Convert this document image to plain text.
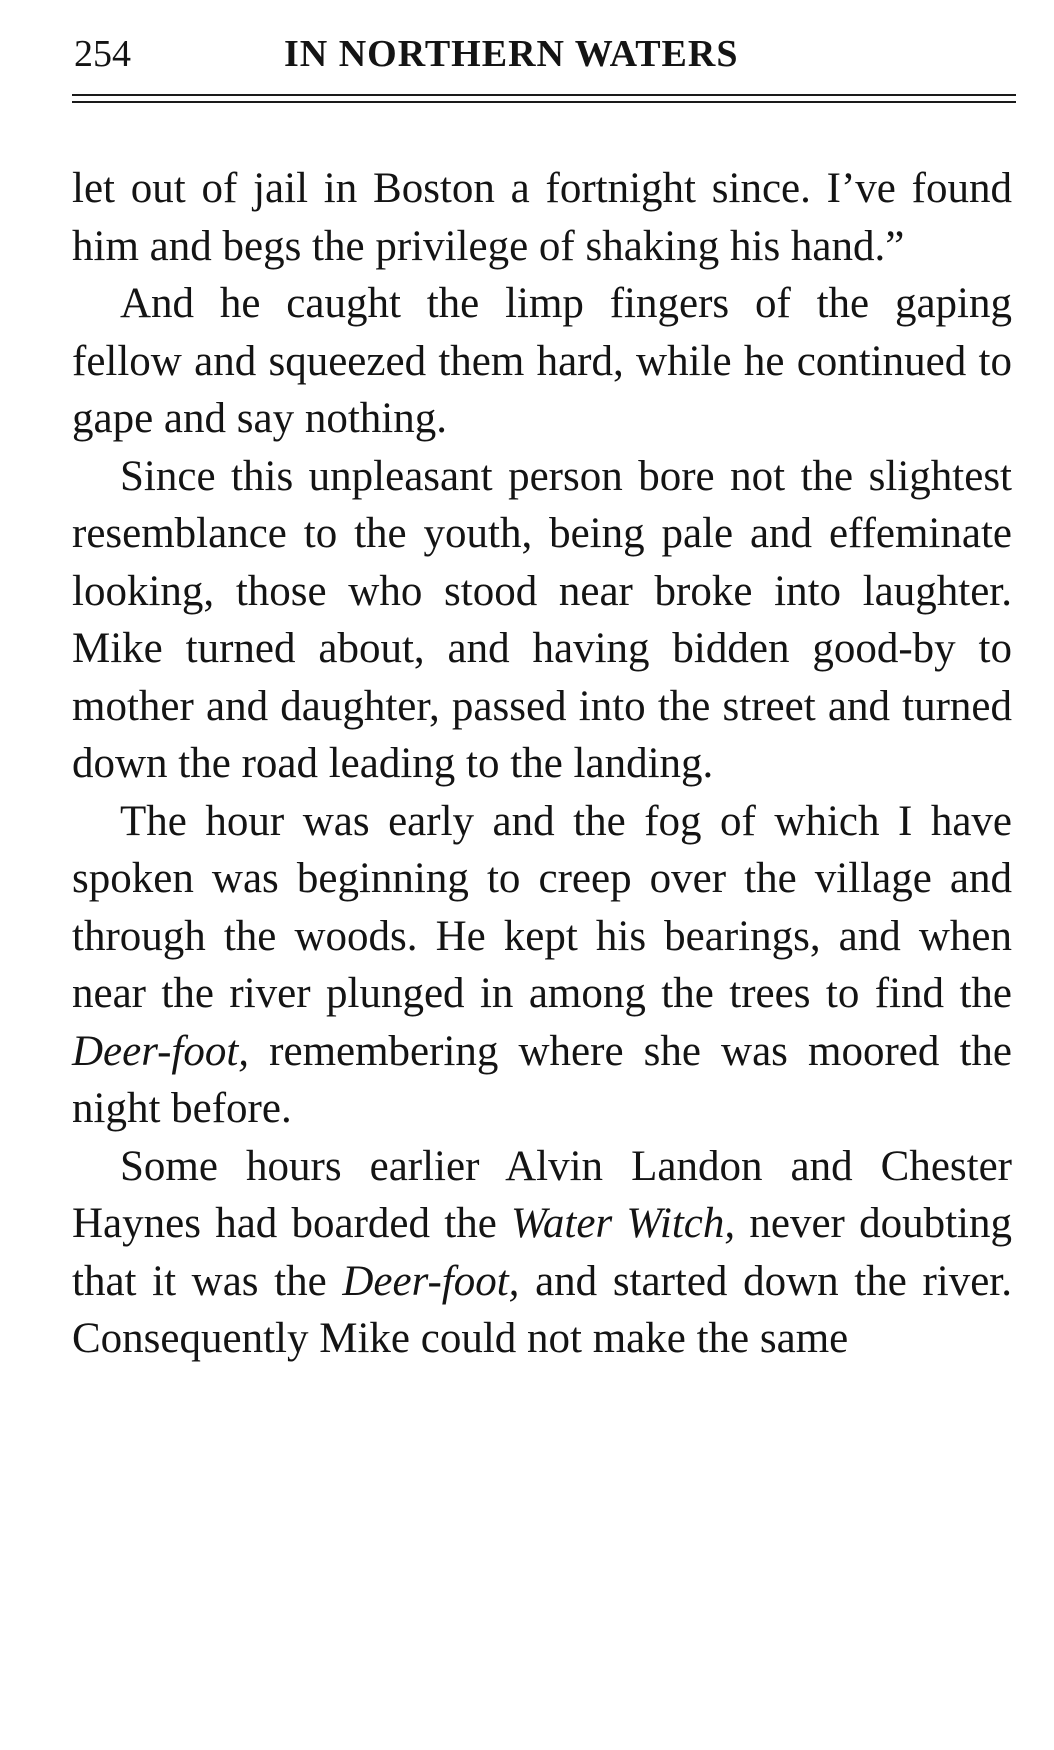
254	IN NORTHERN WATERS

let out of jail in Boston a fortnight since. I’ve found him and begs the privilege of shaking his hand.”

And he caught the limp fingers of the gaping fellow and squeezed them hard, while he continued to gape and say nothing.

Since this unpleasant person bore not the slightest resemblance to the youth, being pale and effeminate looking, those who stood near broke into laughter. Mike turned about, and having bidden good-by to mother and daughter, passed into the street and turned down the road leading to the landing.

The hour was early and the fog of which I have spoken was beginning to creep over the village and through the woods. He kept his bearings, and when near the river plunged in among the trees to find the Deer-foot, remembering where she was moored the night before.

Some hours earlier Alvin Landon and Chester Haynes had boarded the Water Witch, never doubting that it was the Deer-foot, and started down the river. Consequently Mike could not make the same
